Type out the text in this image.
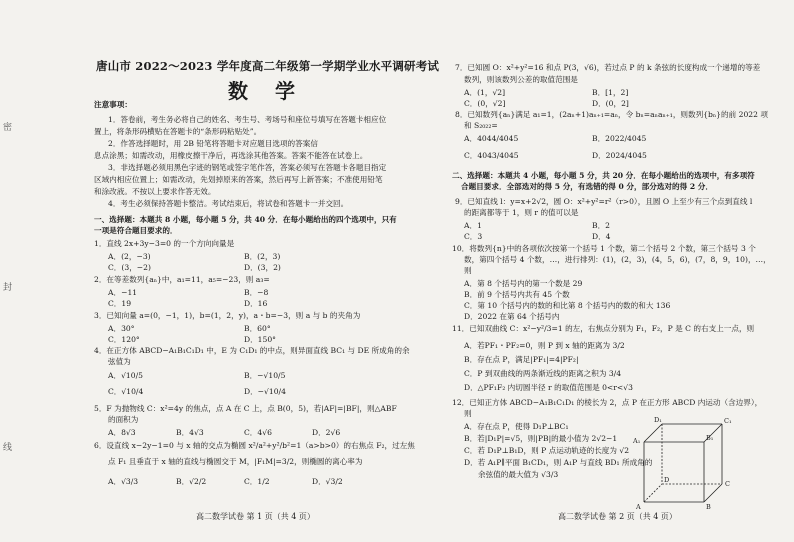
密
封
线
唐山市 2022～2023 学年度高二年级第一学期学业水平调研考试
数 学
注意事项：
1．答卷前，考生务必将自己的姓名、考生号、考场号和座位号填写在答题卡相应位
置上，将条形码横贴在答题卡的“条形码粘贴处”。
2．作答选择题时，用 2B 铅笔将答题卡对应题目选项的答案信
息点涂黑；如需改动，用橡皮擦干净后，再选涂其他答案。答案不能答在试卷上。
3．非选择题必须用黑色字迹的钢笔或签字笔作答，答案必须写在答题卡各题目指定
区域内相应位置上；如需改动，先划掉原来的答案，然后再写上新答案；不准使用铅笔
和涂改液。不按以上要求作答无效。
4．考生必须保持答题卡整洁。考试结束后，将试卷和答题卡一并交回。
一、选择题：本题共 8 小题，每小题 5 分，共 40 分．在每小题给出的四个选项中，只有
一项是符合题目要求的．
1．直线 2x+3y−3=0 的一个方向向量是
A．(2，−3)	B．(2，3)
C．(3，−2)	D．(3，2)
2．在等差数列{aₙ}中，a₁=11，a₅=−23，则 a₃=
A．−11	B．−8
C．19	D．16
3．已知向量 a=(0，−1，1)，b=(1，2，y)，a・b=−3，则 a 与 b 的夹角为
A．30°	B．60°
C．120°	D．150°
4．在正方体 ABCD−A₁B₁C₁D₁ 中，E 为 C₁D₁ 的中点，则异面直线 BC₁ 与 DE 所成角的余
弦值为
A．√10/5	B．−√10/5
C．√10/4	D．−√10/4
5．F 为抛物线 C：x²=4y 的焦点，点 A 在 C 上，点 B(0，5)，若|AF|=|BF|，则△ABF
的面积为
A．8√3	B．4√3	C．4√6	D．2√6
6．设直线 x−2y−1=0 与 x 轴的交点为椭圆 x²/a²+y²/b²=1（a>b>0）的右焦点 F₂，过左焦
点 F₁ 且垂直于 x 轴的直线与椭圆交于 M，|F₁M|=3/2，则椭圆的离心率为
A．√3/3	B．√2/2	C．1/2	D．√3/2
高二数学试卷 第 1 页（共 4 页）
7．已知圆 O：x²+y²=16 和点 P(3，√6)，若过点 P 的 k 条弦的长度构成一个递增的等差
数列，则该数列公差的取值范围是
A．(1，√2]	B．[1，2]
C．(0，√2]	D．(0，2]
8．已知数列{aₙ}满足 a₁=1，(2aₙ+1)aₙ₊₁=aₙ，令 bₙ=aₙaₙ₊₁，则数列{bₙ}的前 2022 项
和 S₂₀₂₂=
A．4044/4045	B．2022/4045
C．4043/4045	D．2024/4045
二、选择题：本题共 4 小题，每小题 5 分，共 20 分．在每小题给出的选项中，有多项符
合题目要求．全部选对的得 5 分，有选错的得 0 分，部分选对的得 2 分．
9．已知直线 l：y=x+2√2，圆 O：x²+y²=r²（r>0），且圆 O 上至少有三个点到直线 l
的距离都等于 1，则 r 的值可以是
A．1	B．2
C．3	D．4
10．将数列{n}中的各项依次按第一个括号 1 个数，第二个括号 2 个数，第三个括号 3 个
数，第四个括号 4 个数，…，进行排列：(1)，(2，3)，(4，5，6)，(7，8，9，10)，…，
则
A．第 8 个括号内的第一个数是 29
B．前 9 个括号内共有 45 个数
C．第 10 个括号内的数的和比第 8 个括号内的数的和大 136
D．2022 在第 64 个括号内
11．已知双曲线 C：x²−y²/3=1 的左，右焦点分别为 F₁，F₂，P 是 C 的右支上一点，则
A．若PF₁・PF₂=0，则 P 到 x 轴的距离为 3/2
B．存在点 P，满足|PF₁|=4|PF₂|
C．P 到双曲线的两条渐近线的距离之积为 3/4
D．△PF₁F₂ 内切圆半径 r 的取值范围是 0<r<√3
12．已知正方体 ABCD−A₁B₁C₁D₁ 的棱长为 2，点 P 在正方形 ABCD 内运动（含边界），
则
A．存在点 P，使得 D₁P⊥BC₁
B．若|D₁P|=√5，则|PB|的最小值为 2√2−1
C．若 D₁P⊥B₁D，则 P 点运动轨迹的长度为 √2
D．若 A₁P∥平面 B₁CD₁，则 A₁P 与直线 BD₁ 所成角的
余弦值的最大值为 √3/3
A₁	B₁
C₁
D₁
A	B
C
D
高二数学试卷 第 2 页（共 4 页）
